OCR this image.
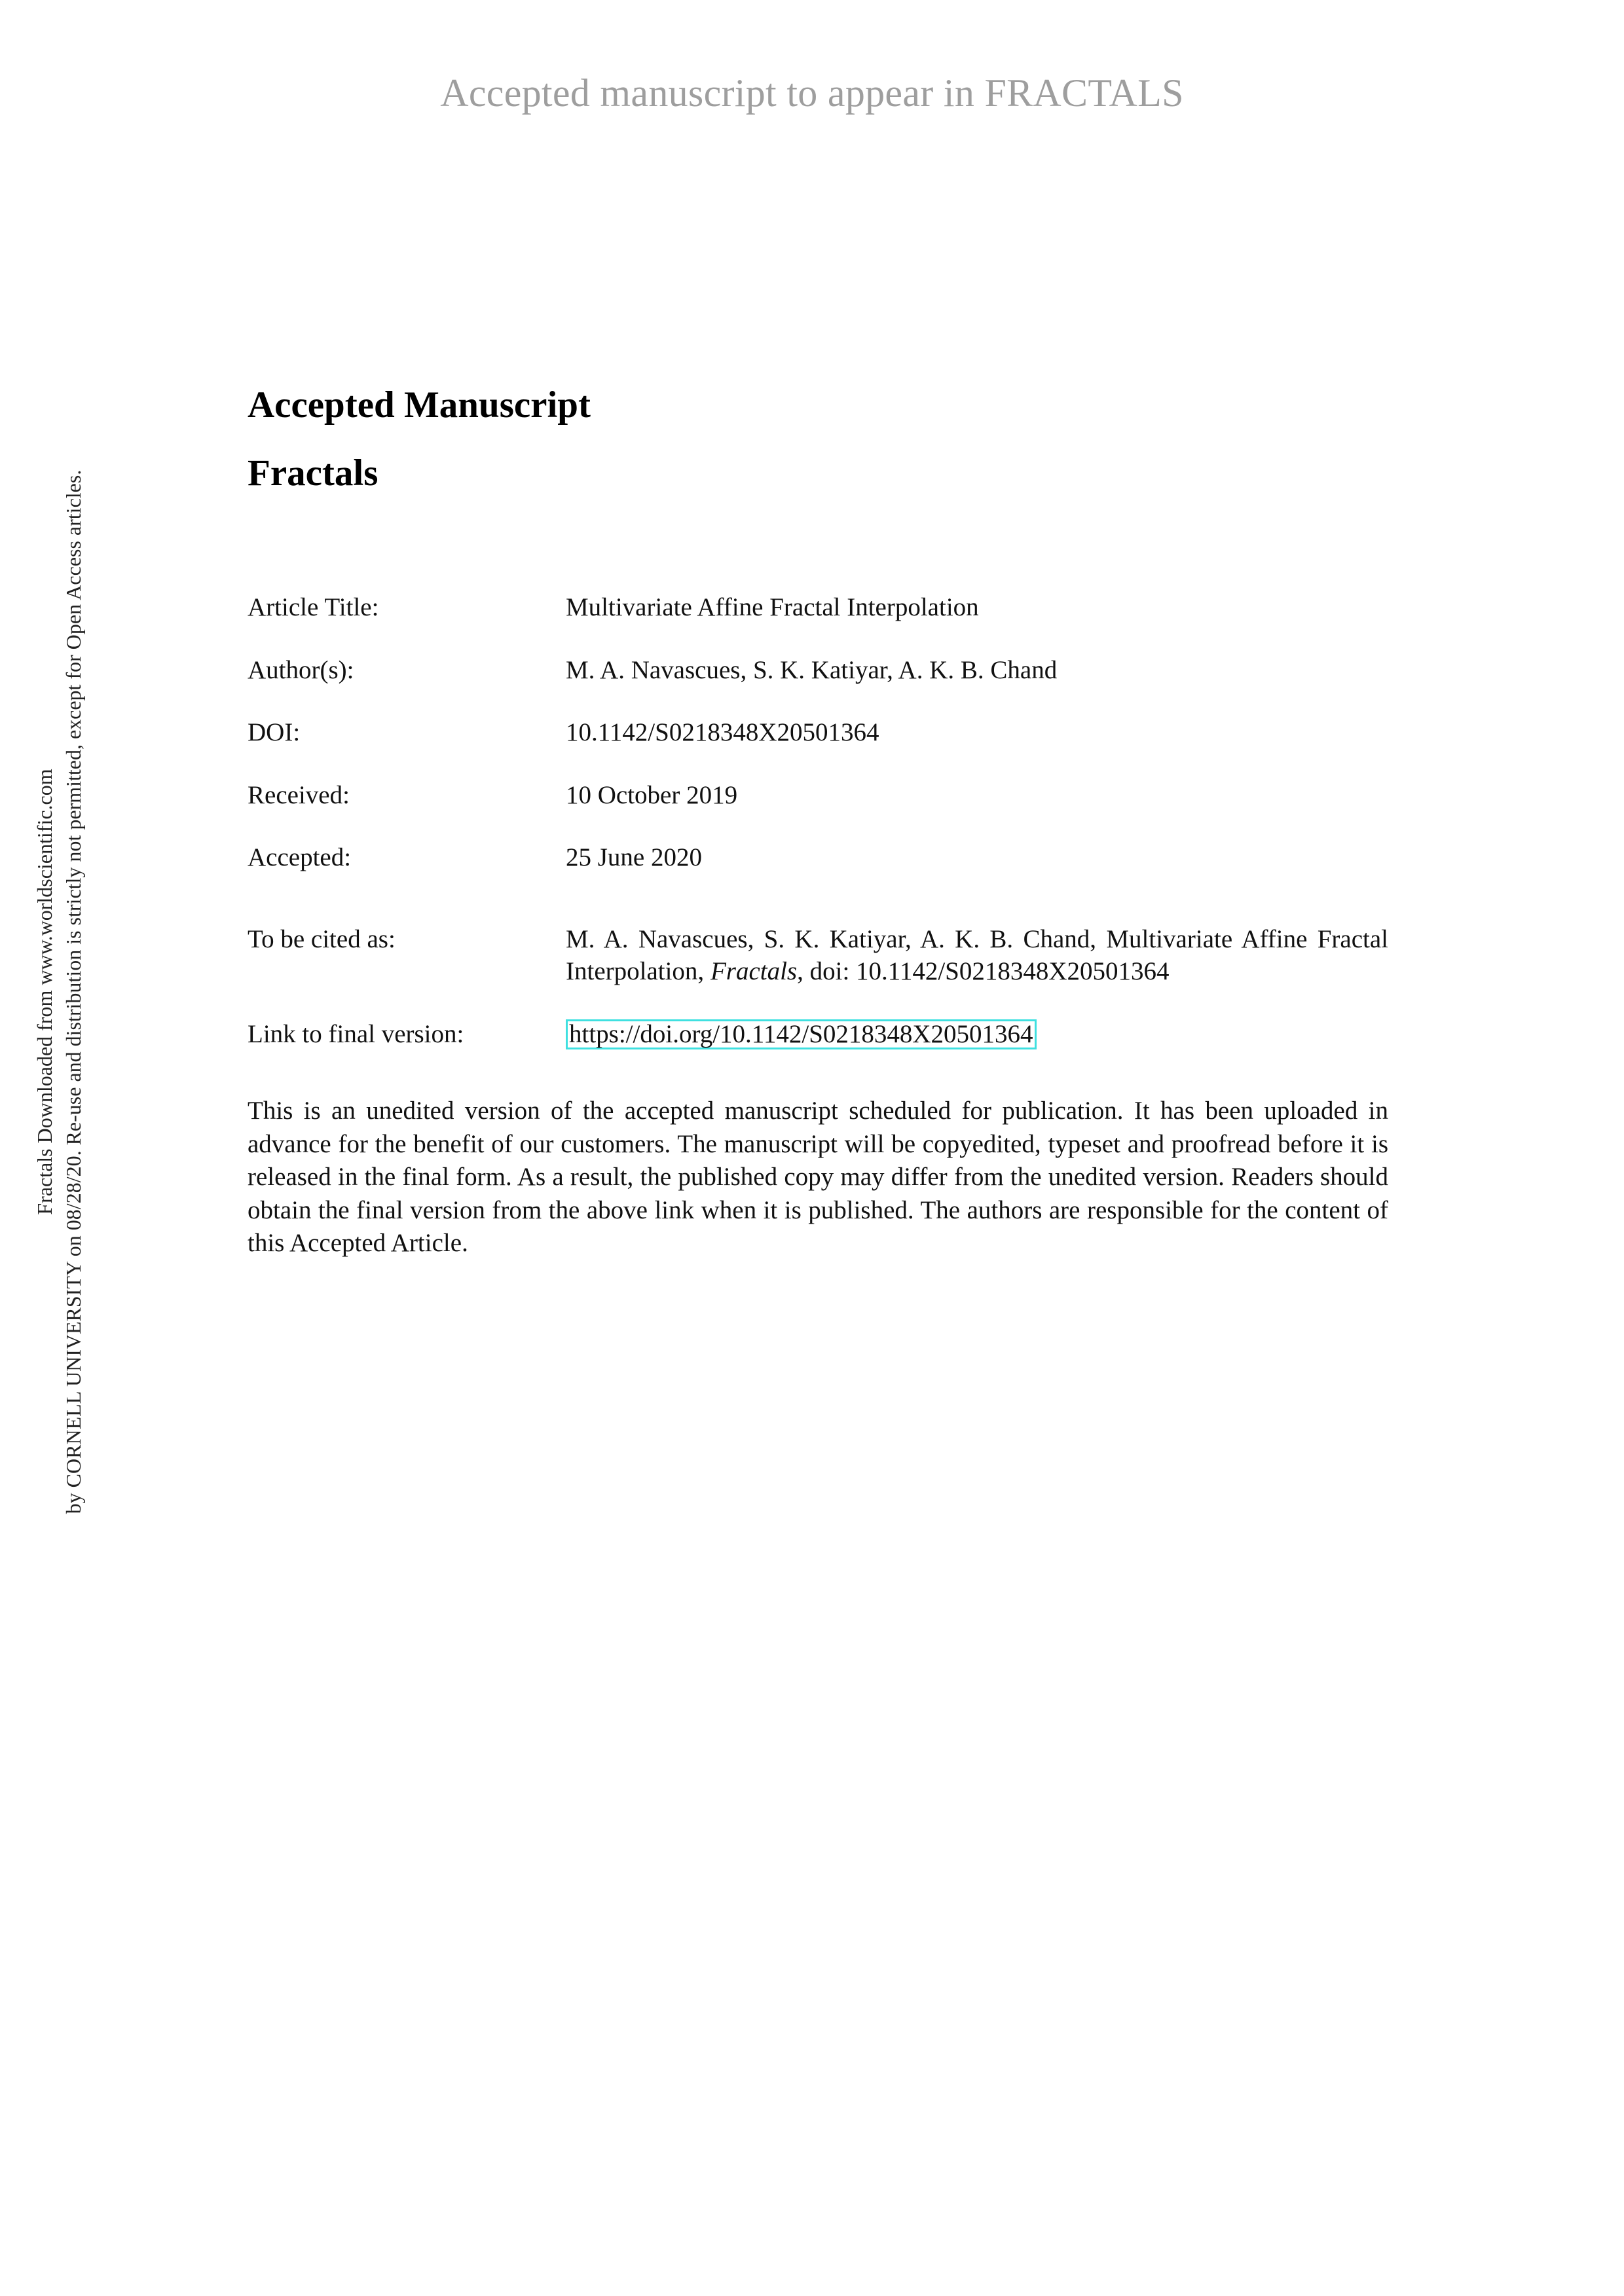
Accepted manuscript to appear in FRACTALS
Fractals Downloaded from www.worldscientific.com by CORNELL UNIVERSITY on 08/28/20. Re-use and distribution is strictly not permitted, except for Open Access articles.
Accepted Manuscript
Fractals
Article Title:	Multivariate Affine Fractal Interpolation
Author(s):	M. A. Navascues, S. K. Katiyar, A. K. B. Chand
DOI:	10.1142/S0218348X20501364
Received:	10 October 2019
Accepted:	25 June 2020
To be cited as:	M. A. Navascues, S. K. Katiyar, A. K. B. Chand, Multivariate Affine Fractal Interpolation, Fractals, doi: 10.1142/S0218348X20501364
Link to final version:	https://doi.org/10.1142/S0218348X20501364
This is an unedited version of the accepted manuscript scheduled for publication. It has been uploaded in advance for the benefit of our customers. The manuscript will be copyedited, typeset and proofread before it is released in the final form. As a result, the published copy may differ from the unedited version. Readers should obtain the final version from the above link when it is published. The authors are responsible for the content of this Accepted Article.
